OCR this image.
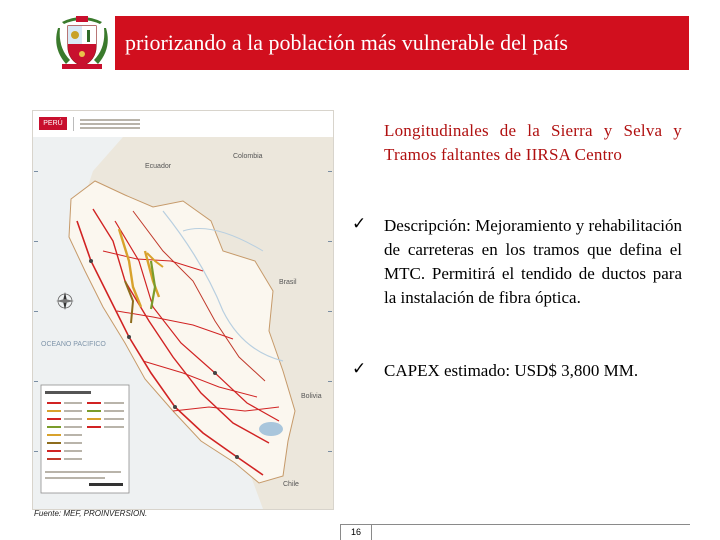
priorizando a la población más vulnerable del país
PERÚ
Ecuador
Colombia
Brasil
OCEANO PACIFICO
Bolivia
Chile
Fuente: MEF, PROINVERSION.
Longitudinales de la Sierra y Selva y Tramos faltantes de IIRSA Centro
✓	Descripción: Mejoramiento y rehabilitación de carreteras en los tramos que defina el MTC. Permitirá el tendido de ductos para la instalación de fibra óptica.
✓	CAPEX estimado: USD$ 3,800 MM.
16
